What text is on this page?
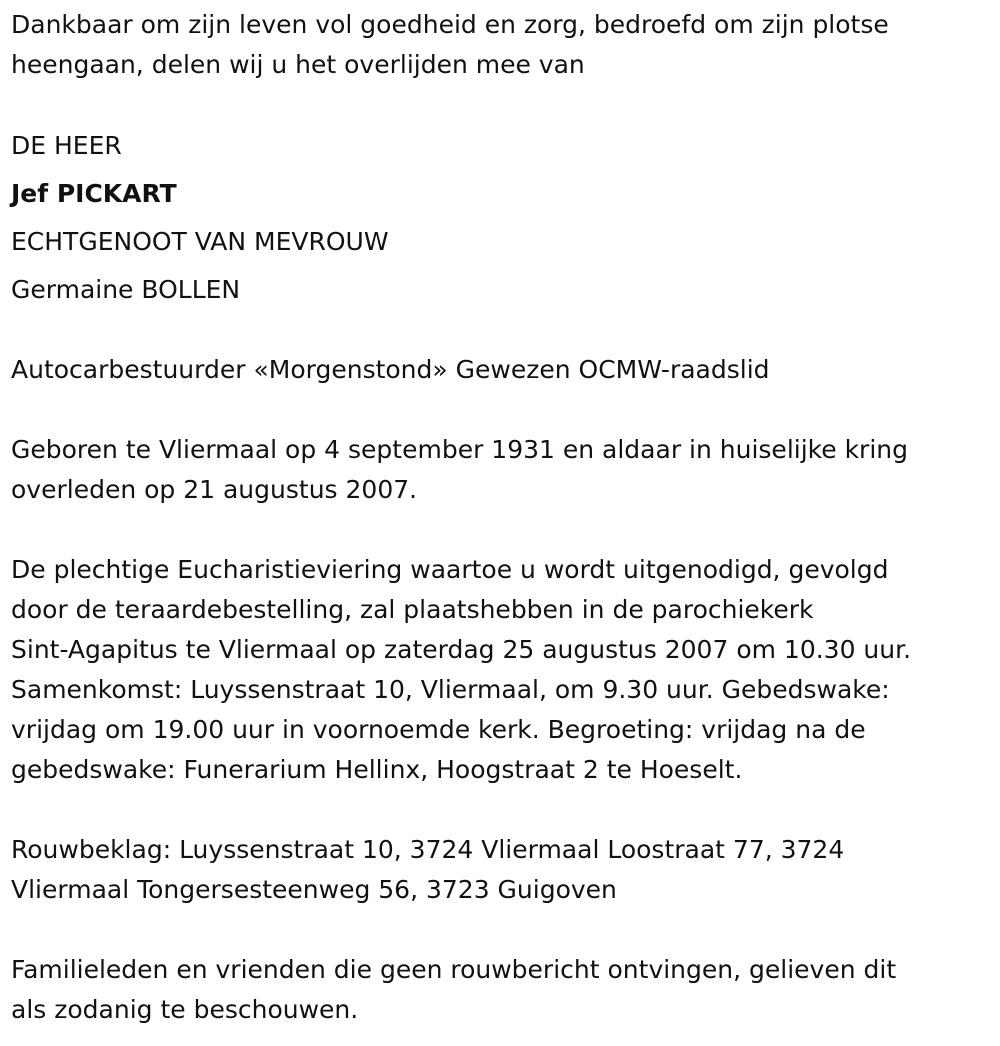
Dankbaar om zijn leven vol goedheid en zorg, bedroefd om zijn plotse

heengaan, delen wij u het overlijden mee van

DE HEER

Jef PICKART

ECHTGENOOT VAN MEVROUW

Germaine BOLLEN

Autocarbestuurder «Morgenstond» Gewezen OCMW-raadslid

Geboren te Vliermaal op 4 september 1931 en aldaar in huiselijke kring

overleden op 21 augustus 2007.

De plechtige Eucharistieviering waartoe u wordt uitgenodigd, gevolgd

door de teraardebestelling, zal plaatshebben in de parochiekerk

Sint-Agapitus te Vliermaal op zaterdag 25 augustus 2007 om 10.30 uur.

Samenkomst: Luyssenstraat 10, Vliermaal, om 9.30 uur. Gebedswake:

vrijdag om 19.00 uur in voornoemde kerk. Begroeting: vrijdag na de

gebedswake: Funerarium Hellinx, Hoogstraat 2 te Hoeselt.

Rouwbeklag: Luyssenstraat 10, 3724 Vliermaal Loostraat 77, 3724

Vliermaal Tongersesteenweg 56, 3723 Guigoven

Familieleden en vrienden die geen rouwbericht ontvingen, gelieven dit

als zodanig te beschouwen.
